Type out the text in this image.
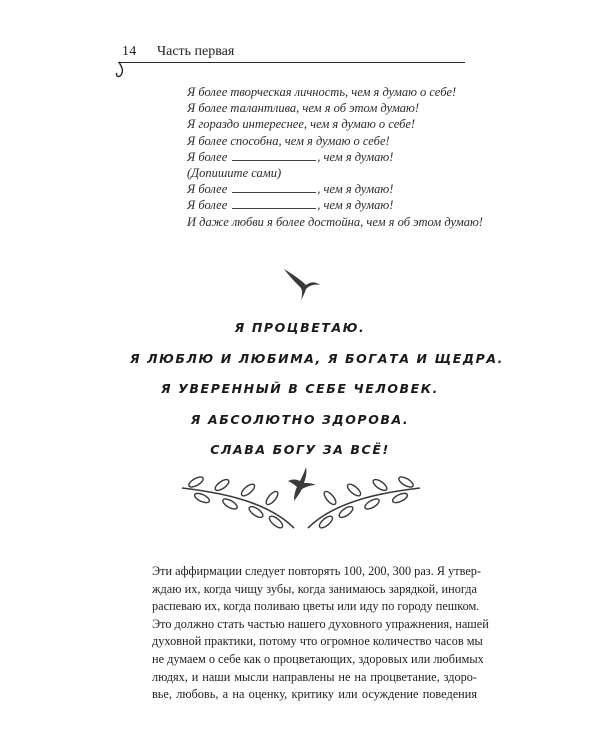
14 Часть первая
Я более творческая личность, чем я думаю о себе!
Я более талантлива, чем я об этом думаю!
Я гораздо интереснее, чем я думаю о себе!
Я более способна, чем я думаю о себе!
Я более	, чем я думаю!
(Допишите сами)
Я более	, чем я думаю!
Я более	, чем я думаю!
И даже любви я более достойна, чем я об этом думаю!
Я ПРОЦВЕТАЮ.
Я ЛЮБЛЮ И ЛЮБИМА, Я БОГАТА И ЩЕДРА.
Я УВЕРЕННЫЙ В СЕБЕ ЧЕЛОВЕК.
Я АБСОЛЮТНО ЗДОРОВА.
СЛАВА БОГУ ЗА ВСЁ!
Эти аффирмации следует повторять 100, 200, 300 раз. Я утвер-
ждаю их, когда чищу зубы, когда занимаюсь зарядкой, иногда
распеваю их, когда поливаю цветы или иду по городу пешком.
Это должно стать частью нашего духовного упражнения, нашей
духовной практики, потому что огромное количество часов мы
не думаем о себе как о процветающих, здоровых или любимых
людях, и наши мысли направлены не на процветание, здоро-
вье, любовь, а на оценку, критику или осуждение поведения
